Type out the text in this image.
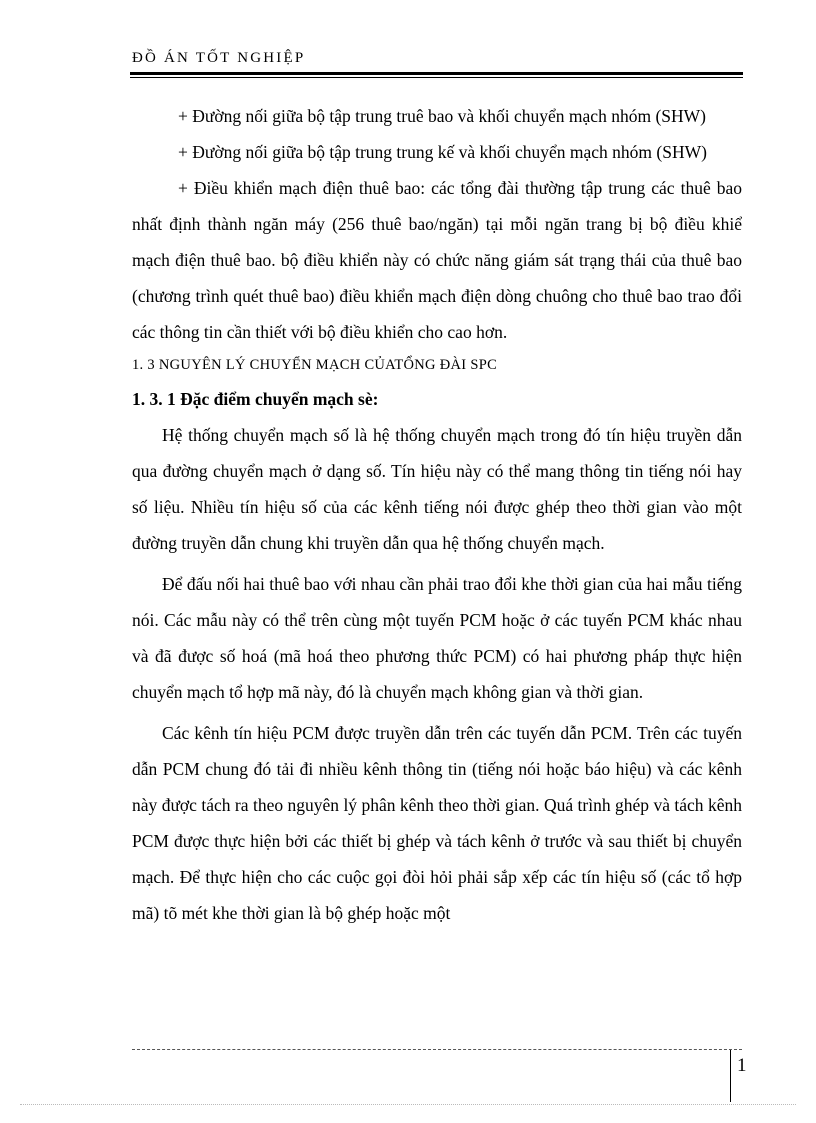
ĐỒ ÁN TỐT NGHIỆP

+ Đường nối giữa bộ tập trung truê bao và khối chuyển mạch nhóm (SHW)

+ Đường nối giữa bộ tập trung trung kế và khối chuyển mạch nhóm (SHW)

+ Điều khiển mạch điện thuê bao: các tổng đài thường tập trung các thuê bao nhất định thành ngăn máy (256 thuê bao/ngăn) tại mỗi ngăn trang bị bộ điều khiể mạch điện thuê bao. bộ điều khiển này có chức năng giám sát trạng thái của thuê bao (chương trình quét thuê bao) điều khiển mạch điện dòng chuông cho thuê bao trao đổi các thông tin cần thiết với bộ điều khiển cho cao hơn.

1. 3 NGUYÊN LÝ CHUYỂN MẠCH CỦATỔNG ĐÀI SPC

1. 3. 1 Đặc điểm chuyển mạch sè:

Hệ thống chuyển mạch số là hệ thống chuyển mạch trong đó tín hiệu truyền dẫn qua đường chuyển mạch ở dạng số. Tín hiệu này có thể mang thông tin tiếng nói hay số liệu. Nhiều tín hiệu số của các kênh tiếng nói được ghép theo thời gian vào một đường truyền dẫn chung khi truyền dẫn qua hệ thống chuyển mạch.

Để đấu nối hai thuê bao với nhau cần phải trao đổi khe thời gian của hai mẫu tiếng nói. Các mẫu này có thể trên cùng một tuyến PCM hoặc ở các tuyến PCM khác nhau và đã được số hoá (mã hoá theo phương thức PCM) có hai phương pháp thực hiện chuyển mạch tổ hợp mã này, đó là chuyển mạch không gian và thời gian.

Các kênh tín hiệu PCM được truyền dẫn trên các tuyến dẫn PCM. Trên các tuyến dẫn PCM chung đó tải đi nhiều kênh thông tin (tiếng nói hoặc báo hiệu) và các kênh này được tách ra theo nguyên lý phân kênh theo thời gian. Quá trình ghép và tách kênh PCM được thực hiện bởi các thiết bị ghép và tách kênh ở trước và sau thiết bị chuyển mạch. Để thực hiện cho các cuộc gọi đòi hỏi phải sắp xếp các tín hiệu số (các tổ hợp mã) tõ mét khe thời gian là bộ ghép hoặc một

1
